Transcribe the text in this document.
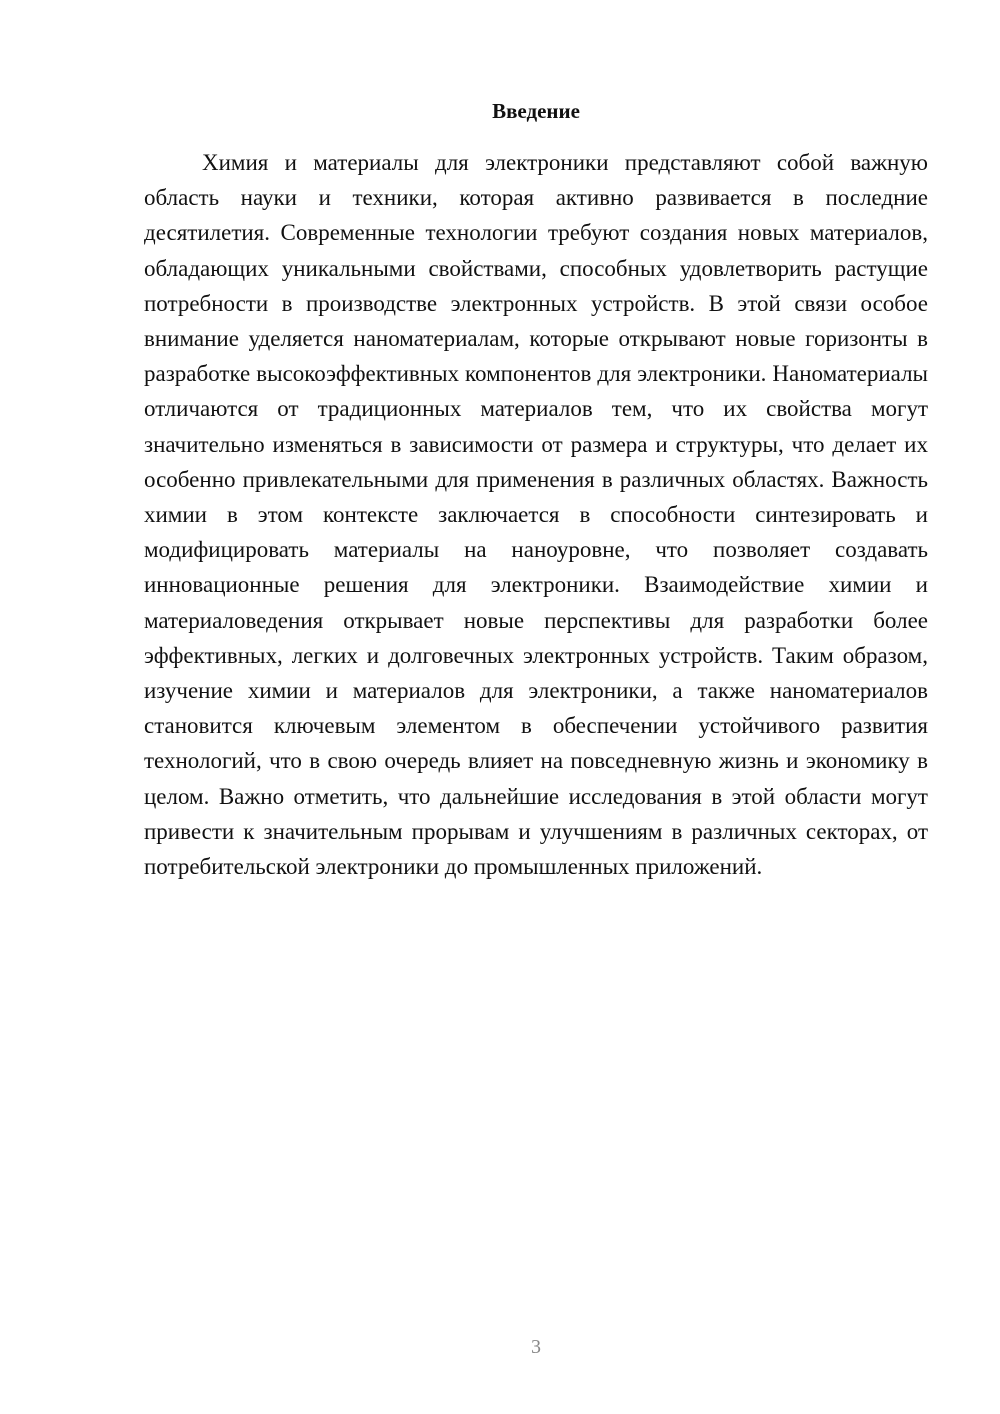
Введение

Химия и материалы для электроники представляют собой важную область науки и техники, которая активно развивается в последние десятилетия. Современные технологии требуют создания новых материалов, обладающих уникальными свойствами, способных удовлетворить растущие потребности в производстве электронных устройств. В этой связи особое внимание уделяется наноматериалам, которые открывают новые горизонты в разработке высокоэффективных компонентов для электроники. Наноматериалы отличаются от традиционных материалов тем, что их свойства могут значительно изменяться в зависимости от размера и структуры, что делает их особенно привлекательными для применения в различных областях. Важность химии в этом контексте заключается в способности синтезировать и модифицировать материалы на наноуровне, что позволяет создавать инновационные решения для электроники. Взаимодействие химии и материаловедения открывает новые перспективы для разработки более эффективных, легких и долговечных электронных устройств. Таким образом, изучение химии и материалов для электроники, а также наноматериалов становится ключевым элементом в обеспечении устойчивого развития технологий, что в свою очередь влияет на повседневную жизнь и экономику в целом. Важно отметить, что дальнейшие исследования в этой области могут привести к значительным прорывам и улучшениям в различных секторах, от потребительской электроники до промышленных приложений.

3
